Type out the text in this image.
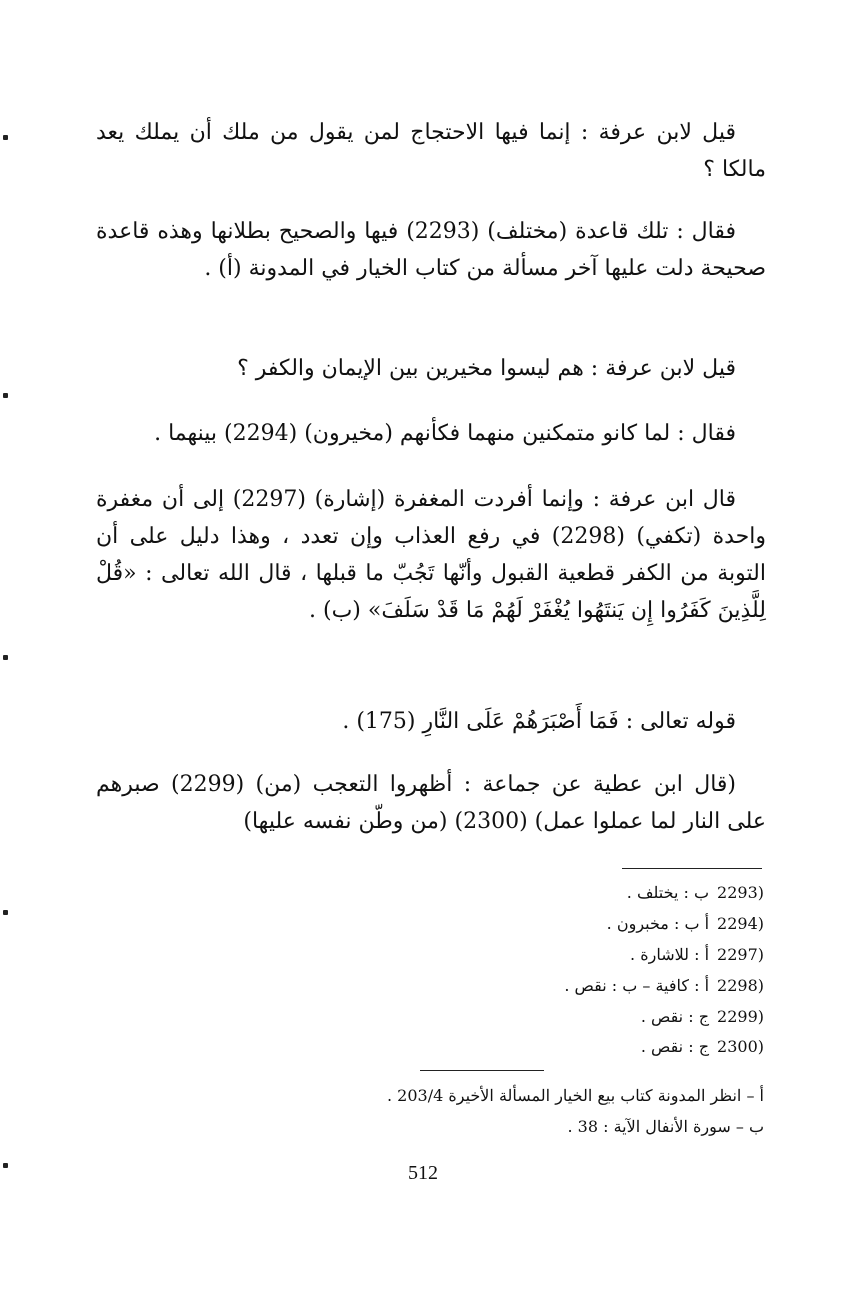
قيل لابن عرفة : إنما فيها الاحتجاج لمن يقول من ملك أن يملك يعد مالكا ؟

فقال : تلك قاعدة (مختلف) (2293) فيها والصحيح بطلانها وهذه قاعدة صحيحة دلت عليها آخر مسألة من كتاب الخيار في المدونة (أ) .

قيل لابن عرفة : هم ليسوا مخيرين بين الإيمان والكفر ؟

فقال : لما كانو متمكنين منهما فكأنهم (مخيرون) (2294) بينهما .

قال ابن عرفة : وإنما أفردت المغفرة (إشارة) (2297) إلى أن مغفرة واحدة (تكفي) (2298) في رفع العذاب وإن تعدد ، وهذا دليل على أن التوبة من الكفر قطعية القبول وأنّها تَجُبّ ما قبلها ، قال الله تعالى : «قُلْ لِلَّذِينَ كَفَرُوا إِن يَنتَهُوا يُغْفَرْ لَهُمْ مَا قَدْ سَلَفَ» (ب) .

قوله تعالى : فَمَا أَصْبَرَهُمْ عَلَى النَّارِ (175) .

(قال ابن عطية عن جماعة : أظهروا التعجب (من) (2299) صبرهم على النار لما عملوا عمل) (2300) (من وطّن نفسه عليها)

(2293ب : يختلف .
(2294أ ب : مخبرون .
(2297أ : للاشارة .
(2298أ : كافية – ب : نقص .
(2299ج : نقص .
(2300ج : نقص .
أ – انظر المدونة كتاب بيع الخيار المسألة الأخيرة 203/4 .
ب – سورة الأنفال الآية : 38 .
512
